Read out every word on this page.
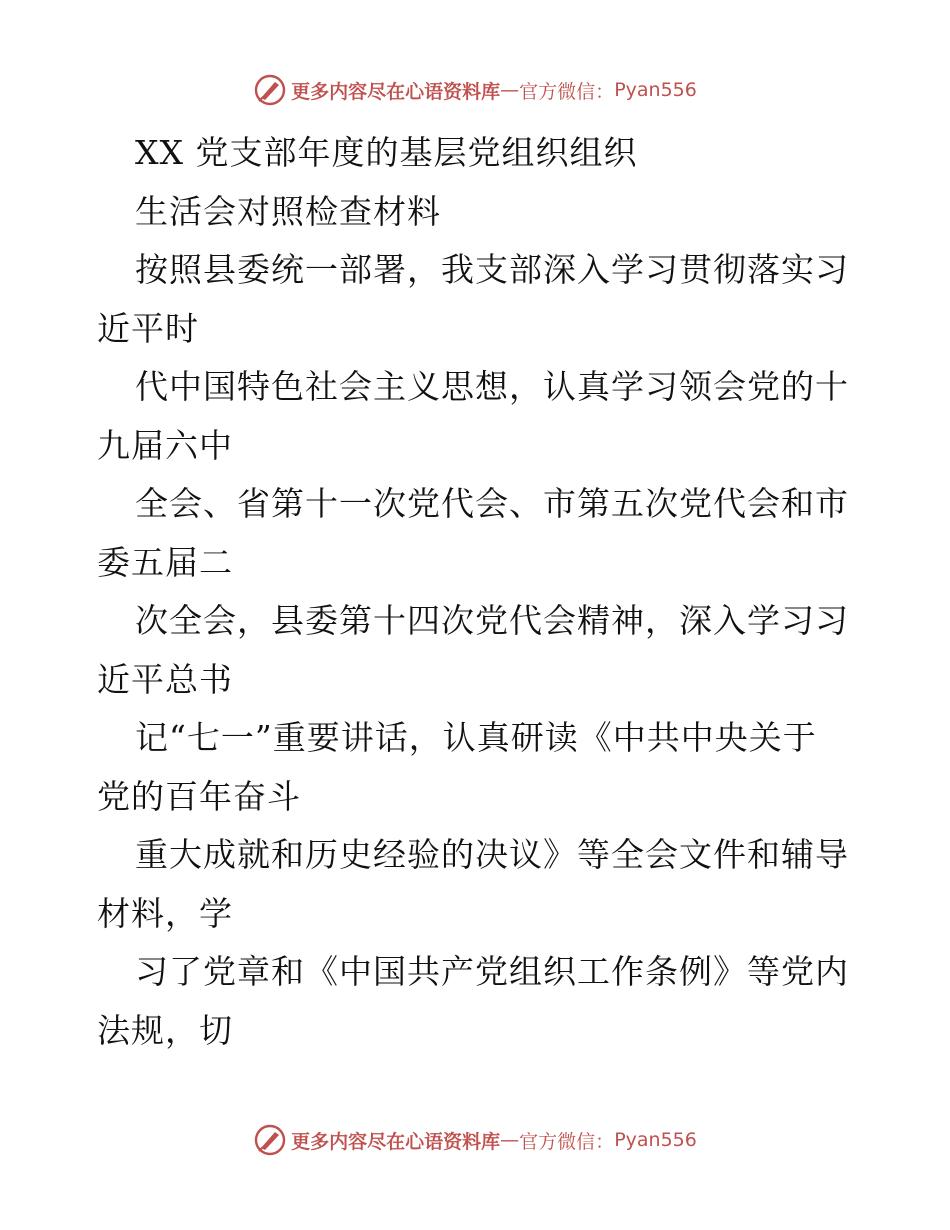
更多内容尽在心语资料库 — 官方微信： Pyan556
XX 党支部年度的基层党组织组织
生活会对照检查材料
按照县委统一部署，我支部深入学习贯彻落实习
近平时
代中国特色社会主义思想，认真学习领会党的十
九届六中
全会、省第十一次党代会、市第五次党代会和市
委五届二
次全会，县委第十四次党代会精神，深入学习习
近平总书
记“七一”重要讲话，认真研读《中共中央关于
党的百年奋斗
重大成就和历史经验的决议》等全会文件和辅导
材料，学
习了党章和《中国共产党组织工作条例》等党内
法规，切
更多内容尽在心语资料库 — 官方微信： Pyan556
